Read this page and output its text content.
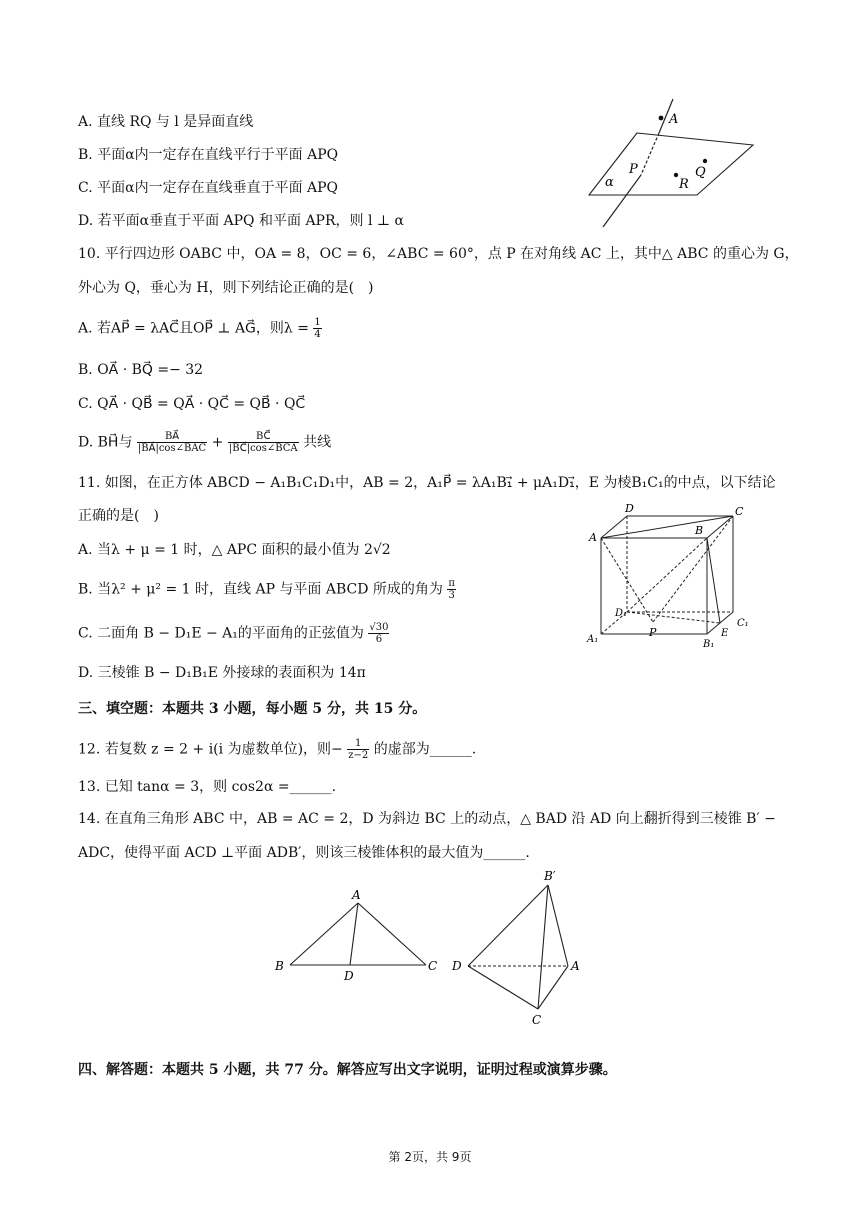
A. 直线 RQ 与 l 是异面直线
B. 平面α内一定存在直线平行于平面 APQ
C. 平面α内一定存在直线垂直于平面 APQ
D. 若平面α垂直于平面 APQ 和平面 APR，则 l ⊥ α
A
P
α	R
Q
10. 平行四边形 OABC 中，OA = 8，OC = 6，∠ABC = 60°，点 P 在对角线 AC 上，其中△ ABC 的重心为 G，
外心为 Q，垂心为 H，则下列结论正确的是(　)
A. 若AP⃗ = λAC⃗且OP⃗ ⊥ AG⃗，则$\lambda = \frac{1}{4}$
B. OA⃗ · BQ⃗ =− 32
C. QA⃗ · QB⃗ = QA⃗ · QC⃗ = QB⃗ · QC⃗
D. BH⃗与 $\frac{BA⃗}{\text{|BA⃗|cos∠BAC}} + \frac{BC⃗}{\text{|BC⃗|cos∠BCA}}$ 共线
11. 如图，在正方体 ABCD − A₁B₁C₁D₁中，AB = 2，A₁P⃗ = λA₁B₁⃗ + μA₁D₁⃗，E 为棱B₁C₁的中点，以下结论
正确的是(　)
A. 当λ + μ = 1 时，△ APC 面积的最小值为 2√2
B. 当λ² + μ² = 1 时，直线 AP 与平面 ABCD 所成的角为 $\frac{\pi}{3}$
C. 二面角 B − D₁E − A₁的平面角的正弦值为 $\frac{√30}{6}$
D. 三棱锥 B − D₁B₁E 外接球的表面积为 14π
D	C
A
B
D₁
C₁
A₁
P	E
B₁
三、填空题：本题共 3 小题，每小题 5 分，共 15 分。
12. 若复数 z = 2 + i(i 为虚数单位)，则− $\frac{1}{z-2}$ 的虚部为______.
13. 已知 tanα = 3，则 cos2α =______.
14. 在直角三角形 ABC 中，AB = AC = 2，D 为斜边 BC 上的动点，△ BAD 沿 AD 向上翻折得到三棱锥 B′ −
ADC，使得平面 ACD ⊥平面 ADB′，则该三棱锥体积的最大值为______.
A
B
D
C
B′
D	A
C
四、解答题：本题共 5 小题，共 77 分。解答应写出文字说明，证明过程或演算步骤。
第 2页，共 9页
